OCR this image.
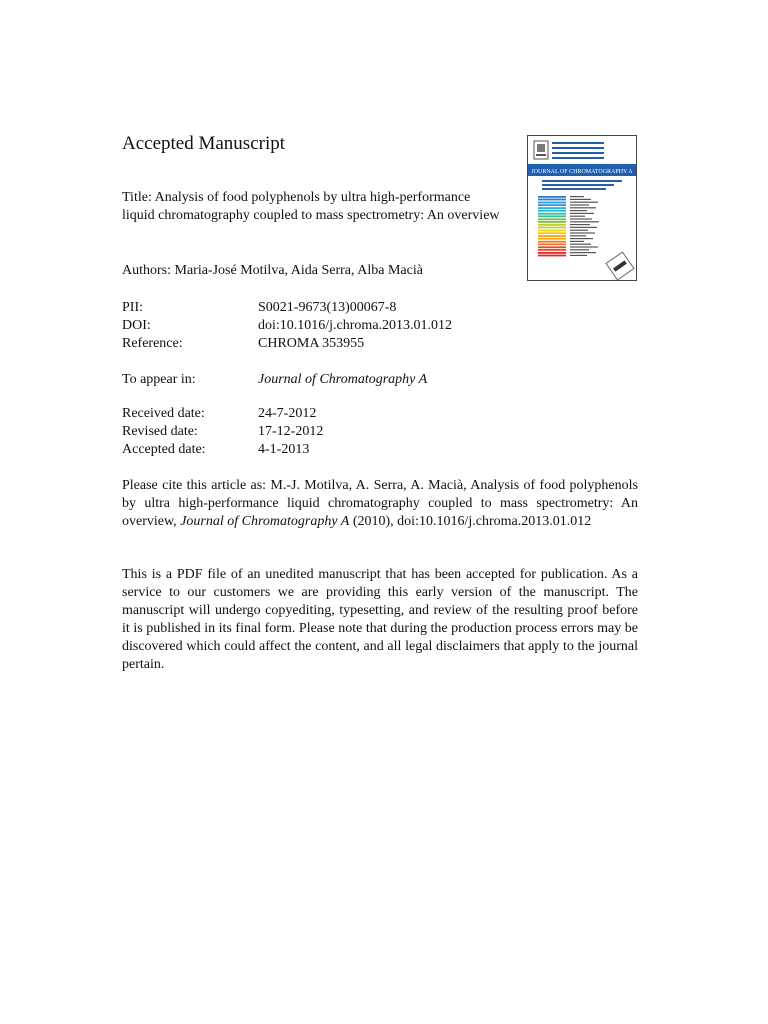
Accepted Manuscript
JOURNAL OF CHROMATOGRAPHY A
Title: Analysis of food polyphenols by ultra high-performance liquid chromatography coupled to mass spectrometry: An overview
Authors: Maria-José Motilva, Aida Serra, Alba Macià
PII:	S0021-9673(13)00067-8
DOI:	doi:10.1016/j.chroma.2013.01.012
Reference:	CHROMA 353955
To appear in:	Journal of Chromatography A
Received date:	24-7-2012
Revised date:	17-12-2012
Accepted date:	4-1-2013
Please cite this article as: M.-J. Motilva, A. Serra, A. Macià, Analysis of food polyphenols by ultra high-performance liquid chromatography coupled to mass spectrometry: An overview, Journal of Chromatography A (2010), doi:10.1016/j.chroma.2013.01.012
This is a PDF file of an unedited manuscript that has been accepted for publication. As a service to our customers we are providing this early version of the manuscript. The manuscript will undergo copyediting, typesetting, and review of the resulting proof before it is published in its final form. Please note that during the production process errors may be discovered which could affect the content, and all legal disclaimers that apply to the journal pertain.
